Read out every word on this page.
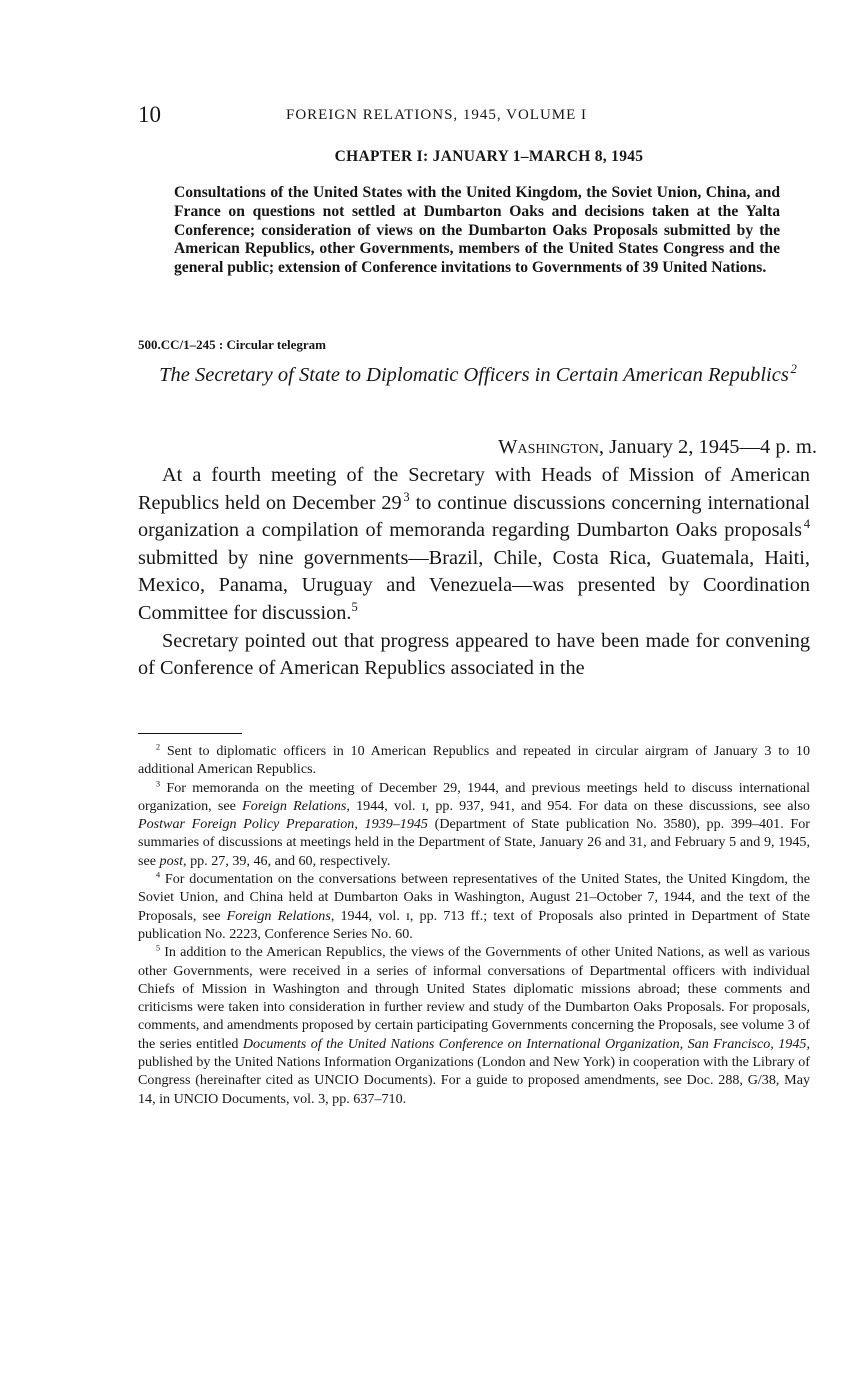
10	FOREIGN RELATIONS, 1945, VOLUME I
CHAPTER I: JANUARY 1–MARCH 8, 1945

Consultations of the United States with the United Kingdom, the Soviet Union, China, and France on questions not settled at Dumbarton Oaks and decisions taken at the Yalta Conference; consideration of views on the Dumbarton Oaks Proposals submitted by the American Republics, other Governments, members of the United States Congress and the general public; extension of Conference invitations to Governments of 39 United Nations.

500.CC/1–245 : Circular telegram

The Secretary of State to Diplomatic Officers in Certain American Republics  $^2$

Washington, January 2, 1945—4 p. m.

At a fourth meeting of the Secretary with Heads of Mission of American Republics held on December 29  $^3$ to continue discussions concerning international organization a compilation of memoranda regarding Dumbarton Oaks proposals  $^4$ submitted by nine governments—Brazil, Chile, Costa Rica, Guatemala, Haiti, Mexico, Panama, Uruguay and Venezuela—was presented by Coordination Committee for discussion.$^5$

Secretary pointed out that progress appeared to have been made for convening of Conference of American Republics associated in the

$^2$ Sent to diplomatic officers in 10 American Republics and repeated in circular airgram of January 3 to 10 additional American Republics.

$^3$ For memoranda on the meeting of December 29, 1944, and previous meetings held to discuss international organization, see Foreign Relations, 1944, vol. ɪ, pp. 937, 941, and 954. For data on these discussions, see also Postwar Foreign Policy Preparation, 1939–1945 (Department of State publication No. 3580), pp. 399–401. For summaries of discussions at meetings held in the Department of State, January 26 and 31, and February 5 and 9, 1945, see post, pp. 27, 39, 46, and 60, respectively.

$^4$ For documentation on the conversations between representatives of the United States, the United Kingdom, the Soviet Union, and China held at Dumbarton Oaks in Washington, August 21–October 7, 1944, and the text of the Proposals, see Foreign Relations, 1944, vol. ɪ, pp. 713 ff.; text of Proposals also printed in Department of State publication No. 2223, Conference Series No. 60.

$^5$ In addition to the American Republics, the views of the Governments of other United Nations, as well as various other Governments, were received in a series of informal conversations of Departmental officers with individual Chiefs of Mission in Washington and through United States diplomatic missions abroad; these comments and criticisms were taken into consideration in further review and study of the Dumbarton Oaks Proposals. For proposals, comments, and amendments proposed by certain participating Governments concerning the Proposals, see volume 3 of the series entitled Documents of the United Nations Conference on International Organization, San Francisco, 1945, published by the United Nations Information Organizations (London and New York) in cooperation with the Library of Congress (hereinafter cited as UNCIO Documents). For a guide to proposed amendments, see Doc. 288, G/38, May 14, in UNCIO Documents, vol. 3, pp. 637–710.
